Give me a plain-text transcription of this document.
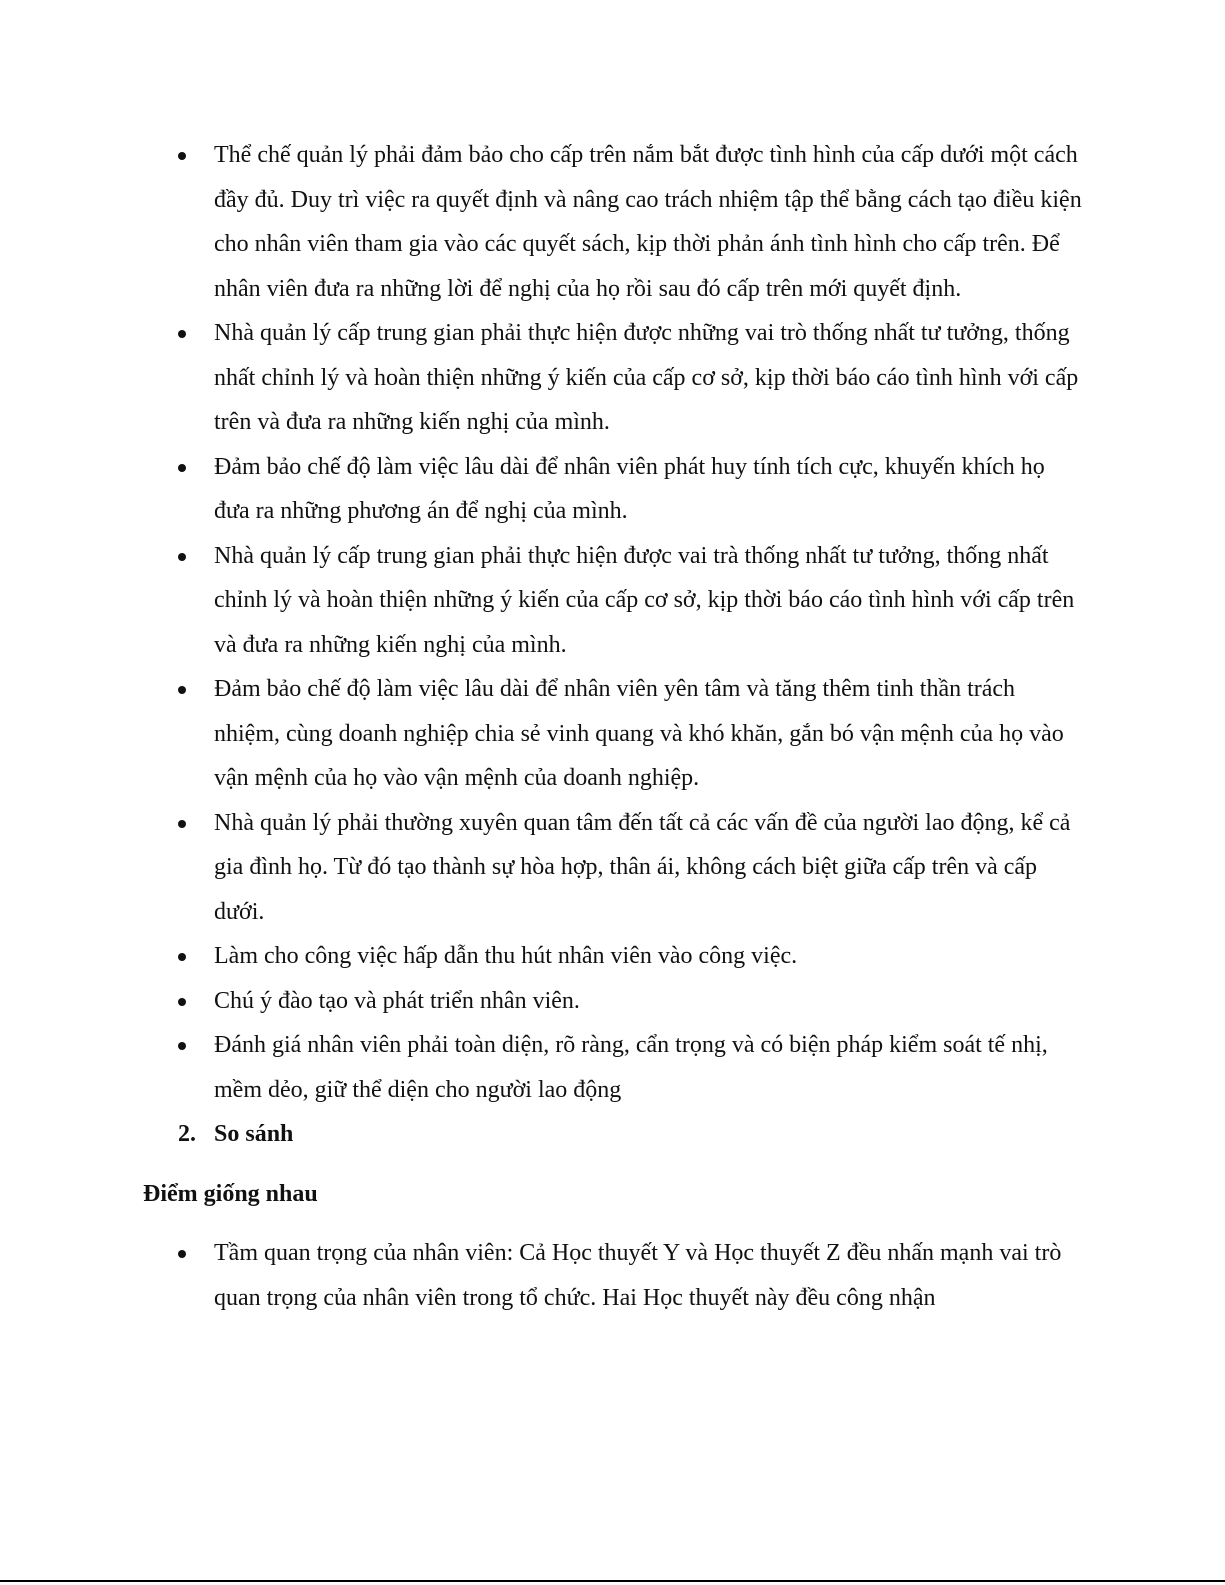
Thể chế quản lý phải đảm bảo cho cấp trên nắm bắt được tình hình của cấp dưới một cách đầy đủ. Duy trì việc ra quyết định và nâng cao trách nhiệm tập thể bằng cách tạo điều kiện cho nhân viên tham gia vào các quyết sách, kịp thời phản ánh tình hình cho cấp trên. Để nhân viên đưa ra những lời để nghị của họ rồi sau đó cấp trên mới quyết định.
Nhà quản lý cấp trung gian phải thực hiện được những vai trò thống nhất tư tưởng, thống nhất chỉnh lý và hoàn thiện những ý kiến của cấp cơ sở, kịp thời báo cáo tình hình với cấp trên và đưa ra những kiến nghị của mình.
Đảm bảo chế độ làm việc lâu dài để nhân viên phát huy tính tích cực, khuyến khích họ đưa ra những phương án để nghị của mình.
Nhà quản lý cấp trung gian phải thực hiện được vai trà thống nhất tư tưởng, thống nhất chỉnh lý và hoàn thiện những ý kiến của cấp cơ sở, kịp thời báo cáo tình hình với cấp trên và đưa ra những kiến nghị của mình.
Đảm bảo chế độ làm việc lâu dài để nhân viên yên tâm và tăng thêm tinh thần trách nhiệm, cùng doanh nghiệp chia sẻ vinh quang và khó khăn, gắn bó vận mệnh của họ vào vận mệnh của họ vào vận mệnh của doanh nghiệp.
Nhà quản lý phải thường xuyên quan tâm đến tất cả các vấn đề của người lao động, kể cả gia đình họ. Từ đó tạo thành sự hòa hợp, thân ái, không cách biệt giữa cấp trên và cấp dưới.
Làm cho công việc hấp dẫn thu hút nhân viên vào công việc.
Chú ý đào tạo và phát triển nhân viên.
Đánh giá nhân viên phải toàn diện, rõ ràng, cẩn trọng và có biện pháp kiểm soát tế nhị, mềm dẻo, giữ thể diện cho người lao động
2. So sánh
Điểm giống nhau
Tầm quan trọng của nhân viên: Cả Học thuyết Y và Học thuyết Z đều nhấn mạnh vai trò quan trọng của nhân viên trong tổ chức. Hai Học thuyết này đều công nhận
